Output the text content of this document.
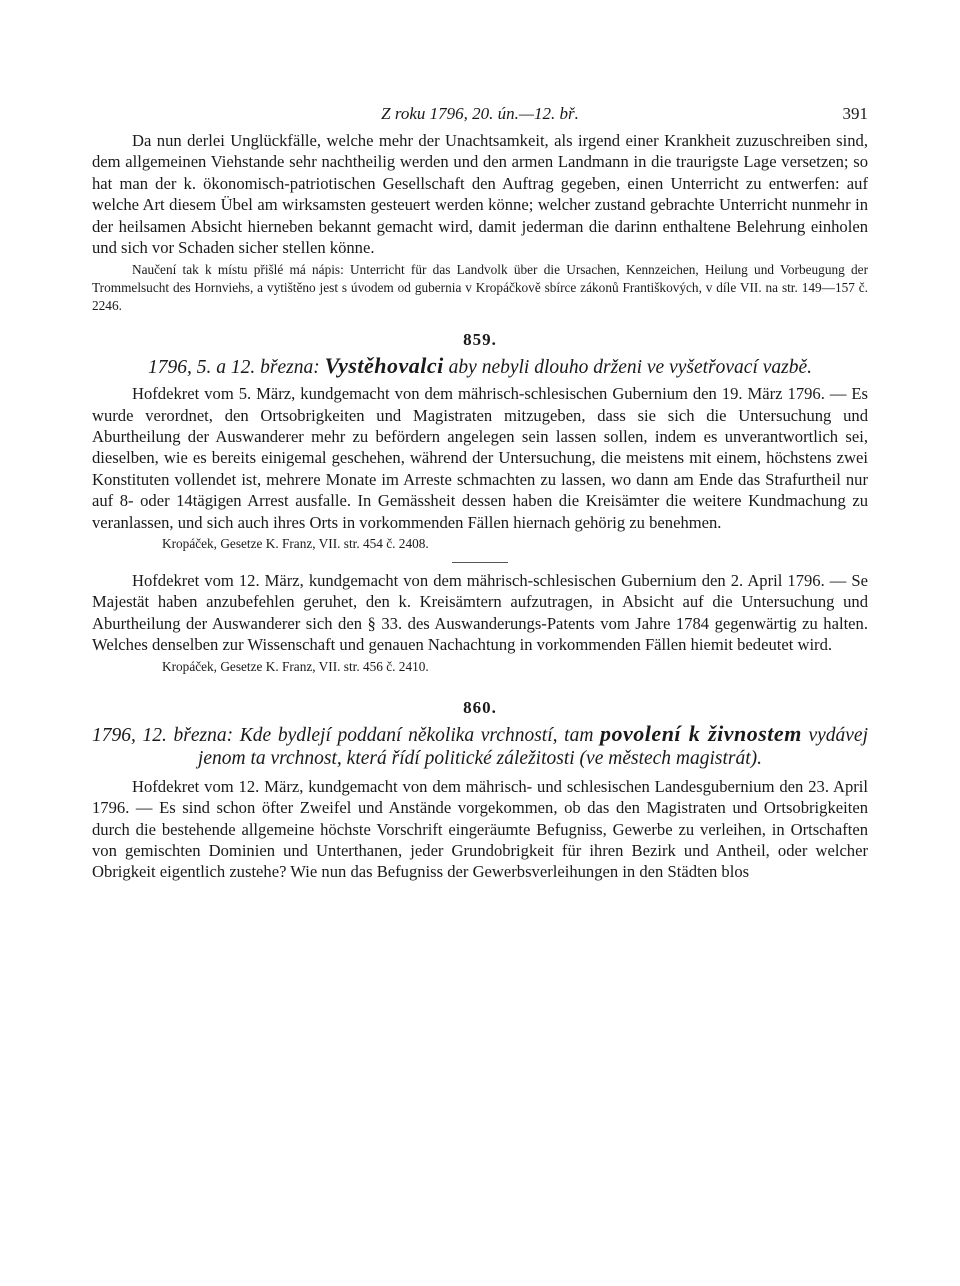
Z roku 1796, 20. ún.—12. bř.	391

Da nun derlei Unglückfälle, welche mehr der Unachtsamkeit, als irgend einer Krankheit zuzuschreiben sind, dem allgemeinen Viehstande sehr nachtheilig werden und den armen Landmann in die traurigste Lage versetzen; so hat man der k. ökonomisch-patriotischen Gesellschaft den Auftrag gegeben, einen Unterricht zu entwerfen: auf welche Art diesem Übel am wirksamsten gesteuert werden könne; welcher zustand gebrachte Unterricht nunmehr in der heilsamen Absicht hierneben bekannt gemacht wird, damit jederman die darinn enthaltene Belehrung einholen und sich vor Schaden sicher stellen könne.

Naučení tak k místu přišlé má nápis: Unterricht für das Landvolk über die Ursachen, Kennzeichen, Heilung und Vorbeugung der Trommelsucht des Hornviehs, a vytištěno jest s úvodem od gubernia v Kropáčkově sbírce zákonů Františkových, v díle VII. na str. 149—157 č. 2246.

859.
1796, 5. a 12. března: Vystěhovalci aby nebyli dlouho drženi ve vyšetřovací vazbě.

Hofdekret vom 5. März, kundgemacht von dem mährisch-schlesischen Gubernium den 19. März 1796. — Es wurde verordnet, den Ortsobrigkeiten und Magistraten mitzugeben, dass sie sich die Untersuchung und Aburtheilung der Auswanderer mehr zu befördern angelegen sein lassen sollen, indem es unverantwortlich sei, dieselben, wie es bereits einigemal geschehen, während der Untersuchung, die meistens mit einem, höchstens zwei Konstituten vollendet ist, mehrere Monate im Arreste schmachten zu lassen, wo dann am Ende das Strafurtheil nur auf 8- oder 14tägigen Arrest ausfalle. In Gemässheit dessen haben die Kreisämter die weitere Kundmachung zu veranlassen, und sich auch ihres Orts in vorkommenden Fällen hiernach gehörig zu benehmen.

Kropáček, Gesetze K. Franz, VII. str. 454 č. 2408.

Hofdekret vom 12. März, kundgemacht von dem mährisch-schlesischen Gubernium den 2. April 1796. — Se Majestät haben anzubefehlen geruhet, den k. Kreisämtern aufzutragen, in Absicht auf die Untersuchung und Aburtheilung der Auswanderer sich den § 33. des Auswanderungs-Patents vom Jahre 1784 gegenwärtig zu halten. Welches denselben zur Wissenschaft und genauen Nachachtung in vorkommenden Fällen hiemit bedeutet wird.

Kropáček, Gesetze K. Franz, VII. str. 456 č. 2410.

860.
1796, 12. března: Kde bydlejí poddaní několika vrchností, tam povolení k živnostem vydávej jenom ta vrchnost, která řídí politické záležitosti (ve městech magistrát).

Hofdekret vom 12. März, kundgemacht von dem mährisch- und schlesischen Landesgubernium den 23. April 1796. — Es sind schon öfter Zweifel und Anstände vorgekommen, ob das den Magistraten und Ortsobrigkeiten durch die bestehende allgemeine höchste Vorschrift eingeräumte Befugniss, Gewerbe zu verleihen, in Ortschaften von gemischten Dominien und Unterthanen, jeder Grundobrigkeit für ihren Bezirk und Antheil, oder welcher Obrigkeit eigentlich zustehe? Wie nun das Befugniss der Gewerbsverleihungen in den Städten blos
